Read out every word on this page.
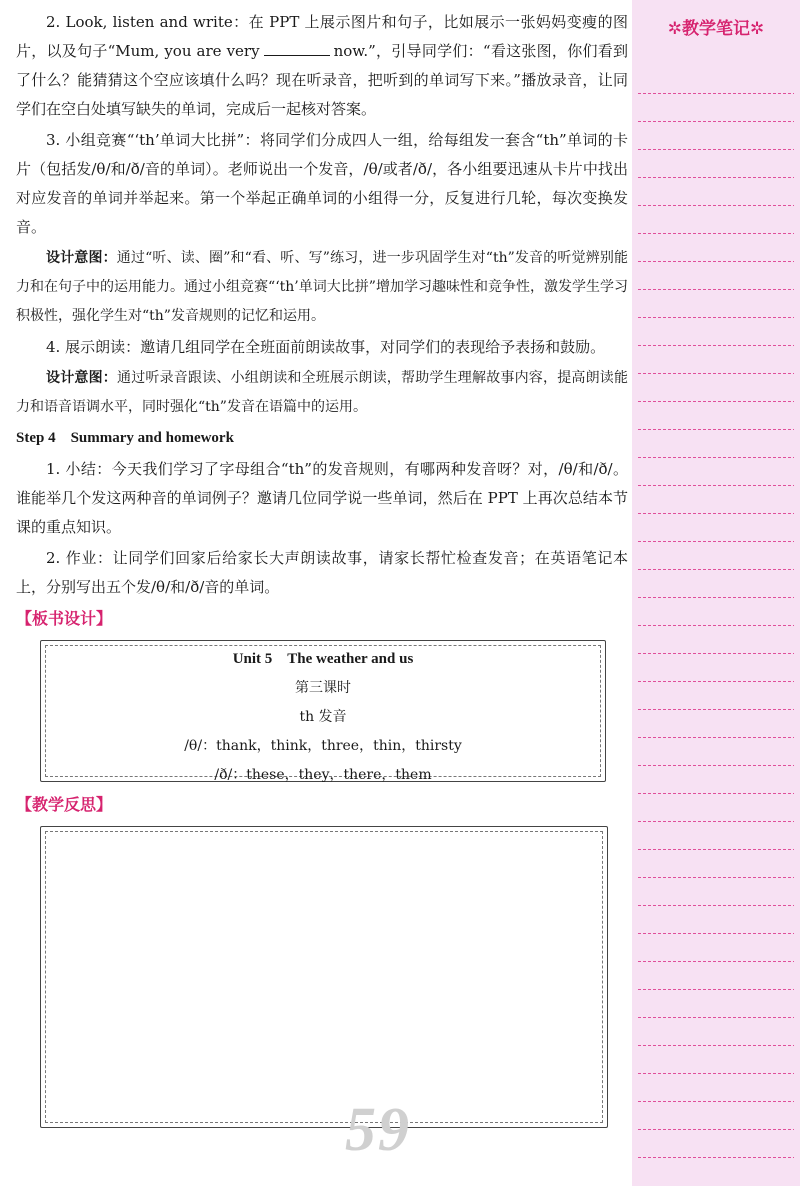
2. Look, listen and write：在 PPT 上展示图片和句子，比如展示一张妈妈变瘦的图片，以及句子“Mum, you are very	now.”，引导同学们：“看这张图，你们看到了什么？能猜猜这个空应该填什么吗？现在听录音，把听到的单词写下来。”播放录音，让同学们在空白处填写缺失的单词，完成后一起核对答案。

3. 小组竞赛“‘th’单词大比拼”：将同学们分成四人一组，给每组发一套含“th”单词的卡片（包括发/θ/和/ð/音的单词）。老师说出一个发音，/θ/或者/ð/，各小组要迅速从卡片中找出对应发音的单词并举起来。第一个举起正确单词的小组得一分，反复进行几轮，每次变换发音。

设计意图：通过“听、读、圈”和“看、听、写”练习，进一步巩固学生对“th”发音的听觉辨别能力和在句子中的运用能力。通过小组竞赛“‘th’单词大比拼”增加学习趣味性和竞争性，激发学生学习积极性，强化学生对“th”发音规则的记忆和运用。

4. 展示朗读：邀请几组同学在全班面前朗读故事，对同学们的表现给予表扬和鼓励。

设计意图：通过听录音跟读、小组朗读和全班展示朗读，帮助学生理解故事内容，提高朗读能力和语音语调水平，同时强化“th”发音在语篇中的运用。

Step 4　Summary and homework

1. 小结：今天我们学习了字母组合“th”的发音规则，有哪两种发音呀？对，/θ/和/ð/。谁能举几个发这两种音的单词例子？邀请几位同学说一些单词，然后在 PPT 上再次总结本节课的重点知识。

2. 作业：让同学们回家后给家长大声朗读故事，请家长帮忙检查发音；在英语笔记本上，分别写出五个发/θ/和/ð/音的单词。

【板书设计】
Unit 5　The weather and us
第三课时
th 发音
/θ/：thank，think，three，thin，thirsty
/ð/：these，they，there，them
【教学反思】
59
✲教学笔记✲
